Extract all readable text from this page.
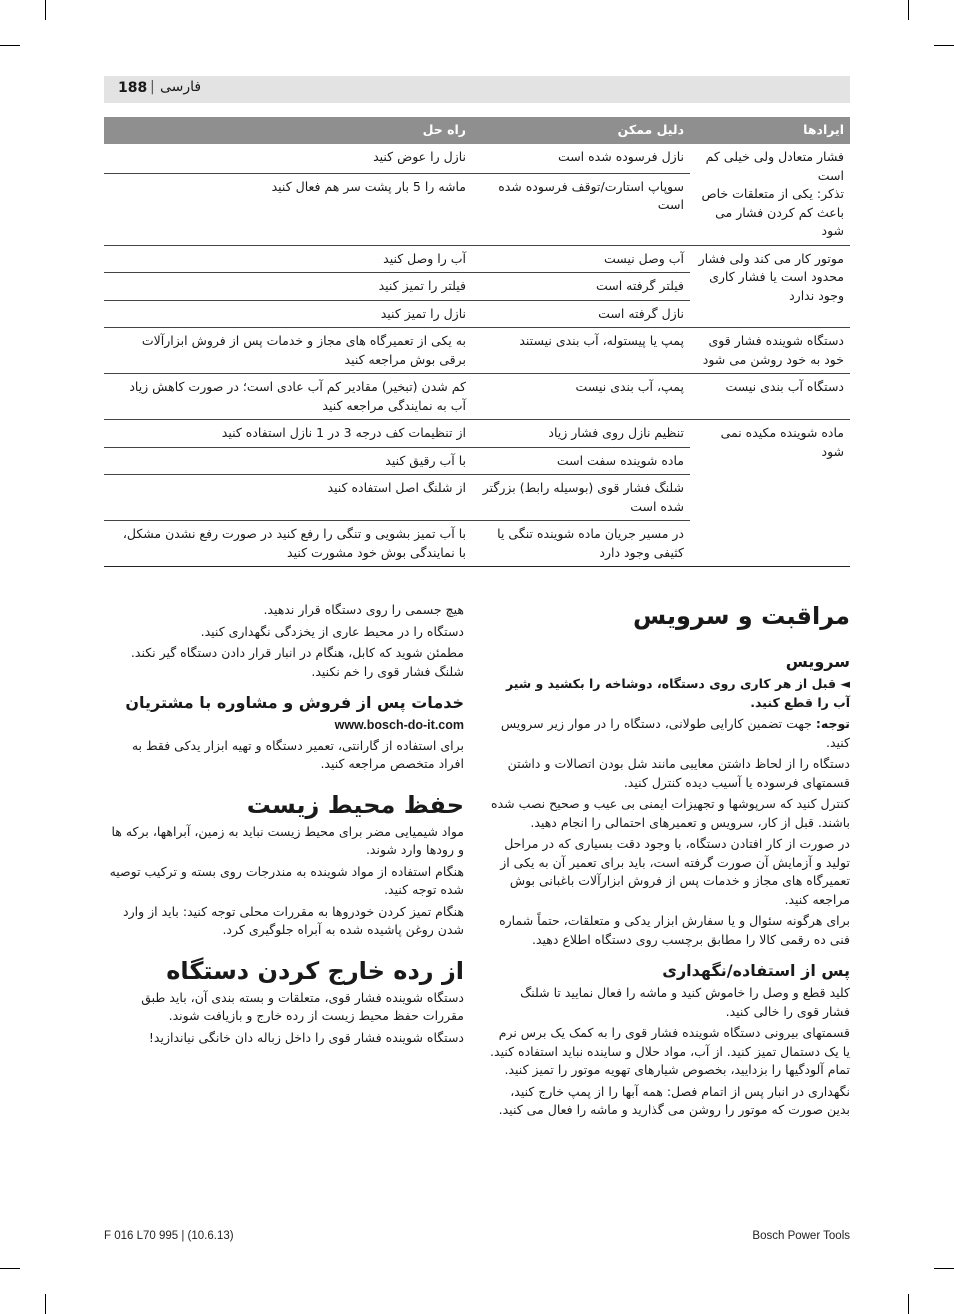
188 | فارسی
ایرادها	دلیل ممکن	راه حل

فشار متعادل ولی خیلی کم است
تذکر: یکی از متعلقات خاص باعث کم کردن فشار می شود	نازل فرسوده شده است	نازل را عوض کنید
	سوپاپ استارت/توقف فرسوده شده است	ماشه را 5 بار پشت سر هم فعال کنید
موتور کار می کند ولی فشار محدود است یا فشار کاری وجود ندارد	آب وصل نیست	آب را وصل کنید
	فیلتر گرفته است	فیلتر را تمیز کنید
	نازل گرفته است	نازل را تمیز کنید
دستگاه شوینده فشار قوی خود به خود روشن می شود	پمپ یا پیستوله، آب بندی نیستند	به یکی از تعمیرگاه های مجاز و خدمات پس از فروش ابزارآلات برقی بوش مراجعه کنید
دستگاه آب بندی نیست	پمپ، آب بندی نیست	کم شدن (تبخیر) مقادیر کم آب عادی است؛ در صورت کاهش زیاد آب به نمایندگی مراجعه کنید
ماده شوینده مکیده نمی شود	تنظیم نازل روی فشار زیاد	از تنظیمات کف درجه 3 در 1 نازل استفاده کنید
	ماده شوینده سفت است	با آب رقیق کنید
	شلنگ فشار قوی (بوسیله رابط) بزرگتر شده است	از شلنگ اصل استفاده کنید
	در مسیر جریان ماده شوینده تنگی یا کثیفی وجود دارد	با آب تمیز بشویی و تنگی را رفع کنید در صورت رفع نشدن مشکل، با نمایندگی بوش خود مشورت کنید
مراقبت و سرویس
سرویس

◄ قبل از هر کاری روی دستگاه، دوشاخه را بکشید و شیر آب را قطع کنید.

توجه: جهت تضمین کارایی طولانی، دستگاه را در موار زیر سرویس کنید.

دستگاه را از لحاظ داشتن معایبی مانند شل بودن اتصالات و داشتن قسمتهای فرسوده یا آسیب دیده کنترل کنید.

کنترل کنید که سرپوشها و تجهیزات ایمنی بی عیب و صحیح نصب شده باشند. قبل از کار، سرویس و تعمیرهای احتمالی را انجام دهید.

در صورت از کار افتادن دستگاه، با وجود دقت بسیاری که در مراحل تولید و آزمایش آن صورت گرفته است، باید برای تعمیر آن به یکی از تعمیرگاه های مجاز و خدمات پس از فروش ابزارآلات باغبانی بوش مراجعه کنید.

برای هرگونه سئوال و یا سفارش ابزار یدکی و متعلقات، حتماً شماره فنی ده رقمی کالا را مطابق برچسب روی دستگاه اطلاع دهید.

پس از استفاده/نگهداری

کلید قطع و وصل را خاموش کنید و ماشه را فعال نمایید تا شلنگ فشار قوی را خالی کنید.

قسمتهای بیرونی دستگاه شوینده فشار قوی را به کمک یک برس نرم یا یک دستمال تمیز کنید. از آب، مواد حلال و ساینده نباید استفاده کنید. تمام آلودگیها را بزدایید، بخصوص شیارهای تهویه موتور را تمیز کنید.

نگهداری در انبار پس از اتمام فصل: همه آبها را از پمپ خارج کنید، بدین صورت که موتور را روشن می گذارید و ماشه را فعال می کنید.

هیچ جسمی را روی دستگاه قرار ندهید.

دستگاه را در محیط عاری از یخزدگی نگهداری کنید.

مطمئن شوید که کابل، هنگام در انبار قرار دادن دستگاه گیر نکند. شلنگ فشار قوی را خم نکنید.

خدمات پس از فروش و مشاوره با مشتریان
www.bosch-do-it.com

برای استفاده از گارانتی، تعمیر دستگاه و تهیه ابزار یدکی فقط به افراد متخصص مراجعه کنید.

حفظ محیط زیست

مواد شیمیایی مضر برای محیط زیست نباید به زمین، آبراهها، برکه ها و رودها وارد شوند.

هنگام استفاده از مواد شوینده به مندرجات روی بسته و ترکیب توصیه شده توجه کنید.

هنگام تمیز کردن خودروها به مقررات محلی توجه کنید: باید از وارد شدن روغن پاشیده شده به آبراه جلوگیری کرد.

از رده خارج کردن دستگاه

دستگاه شوینده فشار قوی، متعلقات و بسته بندی آن، باید طبق مقررات حفظ محیط زیست از رده خارج و بازیافت شوند.

دستگاه شوینده فشار قوی را داخل زباله دان خانگی نیاندازید!

F 016 L70 995 | (10.6.13)	Bosch Power Tools
